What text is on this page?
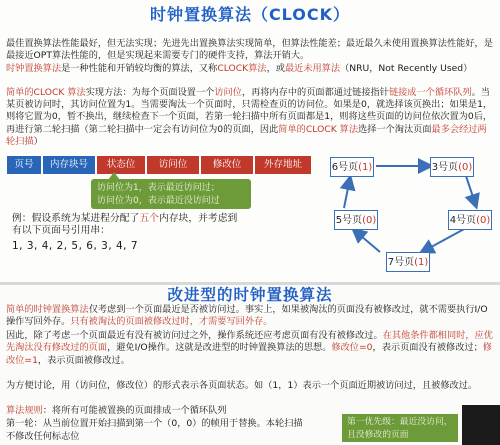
时钟置换算法（CLOCK）
最佳置换算法性能最好，但无法实现；先进先出置换算法实现简单，但算法性能差；最近最久未使用置换算法性能好，是最接近OPT算法性能的，但是实现起来需要专门的硬件支持，算法开销大。
时钟置换算法是一种性能和开销较均衡的算法，又称CLOCK算法，或最近未用算法（NRU，Not Recently Used）
简单的CLOCK 算法实现方法：为每个页面设置一个访问位，再将内存中的页面都通过链接指针链接成一个循环队列。当某页被访问时，其访问位置为1。当需要淘汰一个页面时，只需检查页的访问位。如果是0，就选择该页换出；如果是1，则将它置为0，暂不换出，继续检查下一个页面，若第一轮扫描中所有页面都是1，则将这些页面的访问位依次置为0后，再进行第二轮扫描（第二轮扫描中一定会有访问位为0的页面，因此简单的CLOCK 算法选择一个淘汰页面最多会经过两轮扫描）
页号	内存块号	状态位	访问位	修改位	外存地址
访问位为1，表示最近访问过；
访问位为0，表示最近没访问过
例：假设系统为某进程分配了五个内存块，并考虑到有以下页面号引用串：
1, 3, 4, 2, 5, 6, 3, 4, 7
6号页(1)	3号页(0)
4号页(0)
7号页(1)
5号页(0)
改进型的时钟置换算法
简单的时钟置换算法仅考虑到一个页面最近是否被访问过。事实上，如果被淘汰的页面没有被修改过，就不需要执行I/O操作写回外存。只有被淘汰的页面被修改过时，才需要写回外存。
因此，除了考虑一个页面最近有没有被访问过之外，操作系统还应考虑页面有没有被修改过。在其他条件都相同时，应优先淘汰没有修改过的页面，避免I/O操作。这就是改进型的时钟置换算法的思想。修改位=0，表示页面没有被修改过；修改位=1，表示页面被修改过。
为方便讨论，用（访问位，修改位）的形式表示各页面状态。如（1，1）表示一个页面近期被访问过，且被修改过。
算法规则：将所有可能被置换的页面排成一个循环队列
第一轮：从当前位置开始扫描到第一个（0，0）的帧用于替换。本轮扫描
不修改任何标志位
第一优先级：最近没访问，
且没修改的页面
